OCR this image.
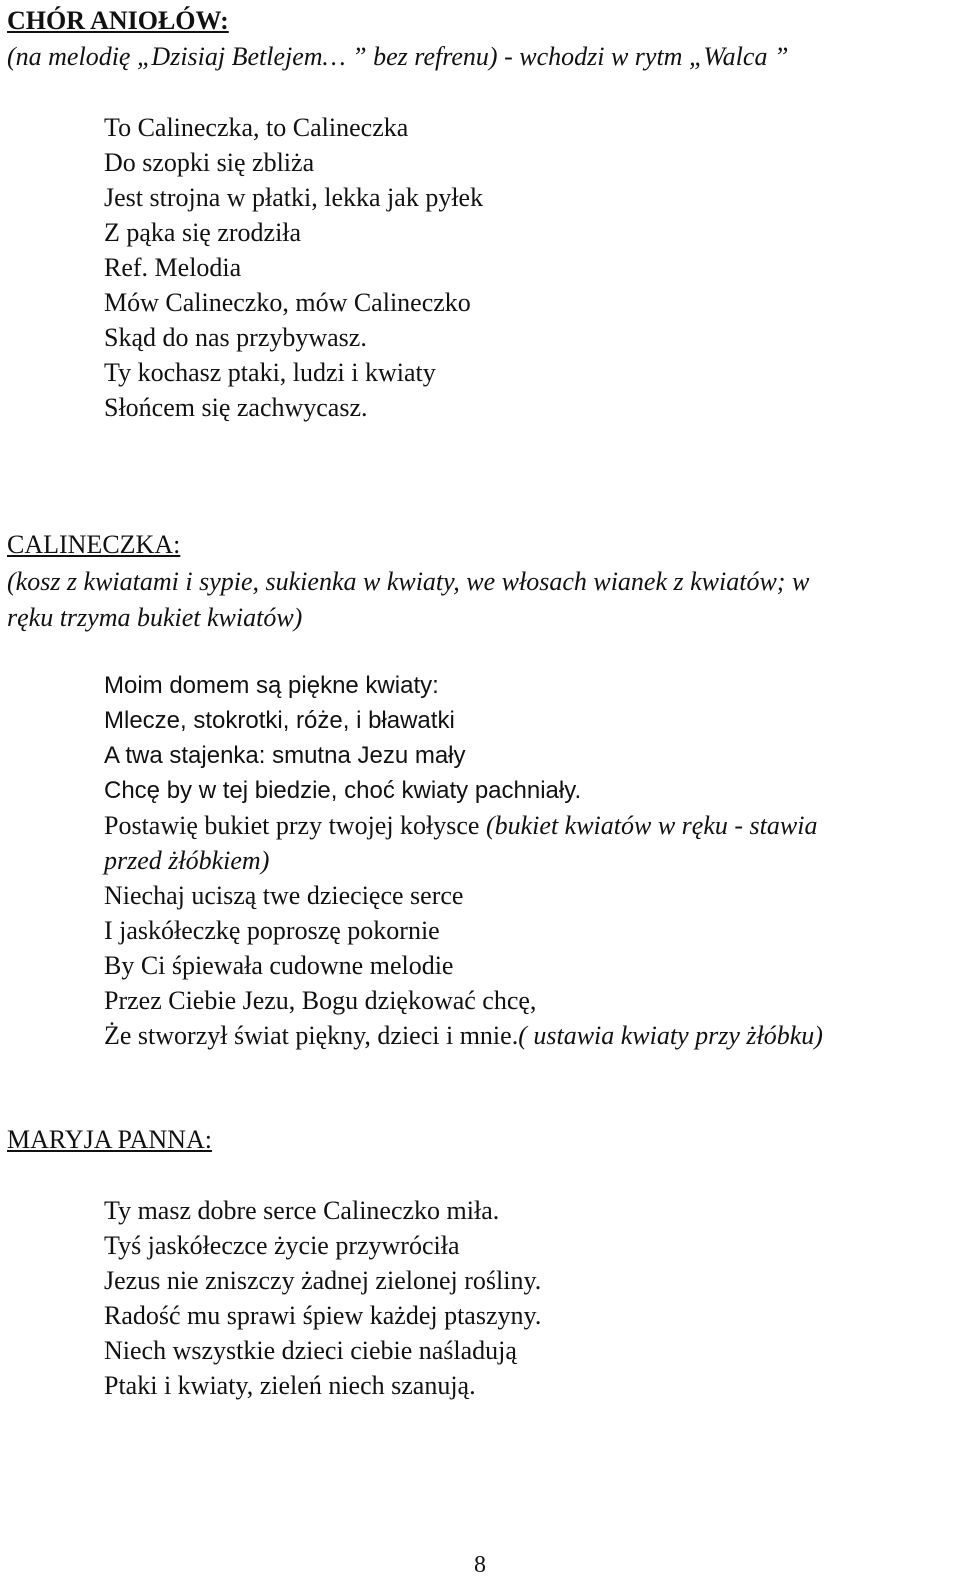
CHÓR ANIOŁÓW:
(na melodię „Dzisiaj Betlejem… ” bez refrenu) - wchodzi w rytm „Walca ”
To Calineczka, to Calineczka
Do szopki się zbliża
Jest strojna w płatki, lekka jak pyłek
Z pąka się zrodziła
Ref. Melodia
Mów Calineczko, mów Calineczko
Skąd do nas przybywasz.
Ty kochasz ptaki, ludzi i kwiaty
Słońcem się zachwycasz.
CALINECZKA:
(kosz z kwiatami i sypie, sukienka w kwiaty, we włosach wianek z kwiatów; w
ręku trzyma bukiet kwiatów)
Moim domem są piękne kwiaty:
Mlecze, stokrotki, róże, i bławatki
A twa stajenka: smutna Jezu mały
Chcę by w tej biedzie, choć kwiaty pachniały.
Postawię bukiet przy twojej kołysce (bukiet kwiatów w ręku - stawia
przed żłóbkiem)
Niechaj uciszą twe dziecięce serce
I jaskółeczkę poproszę pokornie
By Ci śpiewała cudowne melodie
Przez Ciebie Jezu, Bogu dziękować chcę,
Że stworzył świat piękny, dzieci i mnie.( ustawia kwiaty przy żłóbku)
MARYJA PANNA:
Ty masz dobre serce Calineczko miła.
Tyś jaskółeczce życie przywróciła
Jezus nie zniszczy żadnej zielonej rośliny.
Radość mu sprawi śpiew każdej ptaszyny.
Niech wszystkie dzieci ciebie naśladują
Ptaki i kwiaty, zieleń niech szanują.
8
